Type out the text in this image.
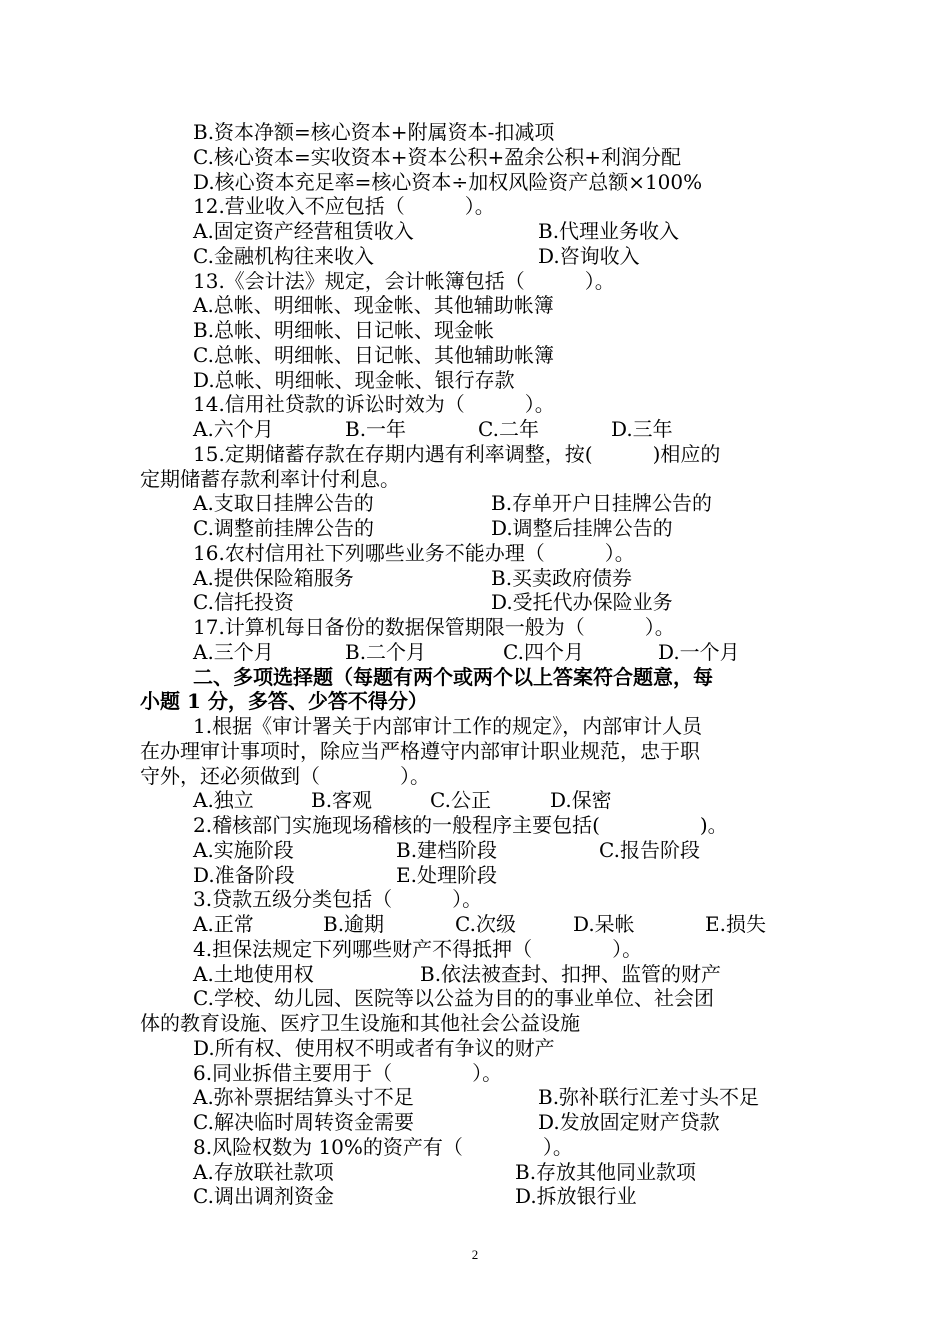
B.资本净额=核心资本+附属资本-扣减项
C.核心资本=实收资本+资本公积+盈余公积+利润分配
D.核心资本充足率=核心资本÷加权风险资产总额×100%
12.营业收入不应包括（　　　）。
A.固定资产经营租赁收入	B.代理业务收入
C.金融机构往来收入	D.咨询收入
13.《会计法》规定，会计帐簿包括（　　　）。
A.总帐、明细帐、现金帐、其他辅助帐簿
B.总帐、明细帐、日记帐、现金帐
C.总帐、明细帐、日记帐、其他辅助帐簿
D.总帐、明细帐、现金帐、银行存款
14.信用社贷款的诉讼时效为（　　　）。
A.六个月	B.一年	C.二年	D.三年
15.定期储蓄存款在存期内遇有利率调整，按(　　　)相应的
定期储蓄存款利率计付利息。
A.支取日挂牌公告的	B.存单开户日挂牌公告的
C.调整前挂牌公告的	D.调整后挂牌公告的
16.农村信用社下列哪些业务不能办理（　　　）。
A.提供保险箱服务	B.买卖政府债券
C.信托投资	D.受托代办保险业务
17.计算机每日备份的数据保管期限一般为（　　　）。
A.三个月	B.二个月	C.四个月	D.一个月
二、多项选择题（每题有两个或两个以上答案符合题意，每
小题 1 分，多答、少答不得分）
1.根据《审计署关于内部审计工作的规定》，内部审计人员
在办理审计事项时，除应当严格遵守内部审计职业规范，忠于职
守外，还必须做到（　　　　）。
A.独立	B.客观	C.公正	D.保密
2.稽核部门实施现场稽核的一般程序主要包括(　　　　　)。
A.实施阶段	B.建档阶段	C.报告阶段
D.准备阶段	E.处理阶段
3.贷款五级分类包括（　　　）。
A.正常	B.逾期	C.次级	D.呆帐	E.损失
4.担保法规定下列哪些财产不得抵押（　　　　）。
A.土地使用权	B.依法被查封、扣押、监管的财产
C.学校、幼儿园、医院等以公益为目的的事业单位、社会团
体的教育设施、医疗卫生设施和其他社会公益设施
D.所有权、使用权不明或者有争议的财产
6.同业拆借主要用于（　　　　）。
A.弥补票据结算头寸不足	B.弥补联行汇差寸头不足
C.解决临时周转资金需要	D.发放固定财产贷款
8.风险权数为 10%的资产有（　　　　）。
A.存放联社款项	B.存放其他同业款项
C.调出调剂资金	D.拆放银行业
2
